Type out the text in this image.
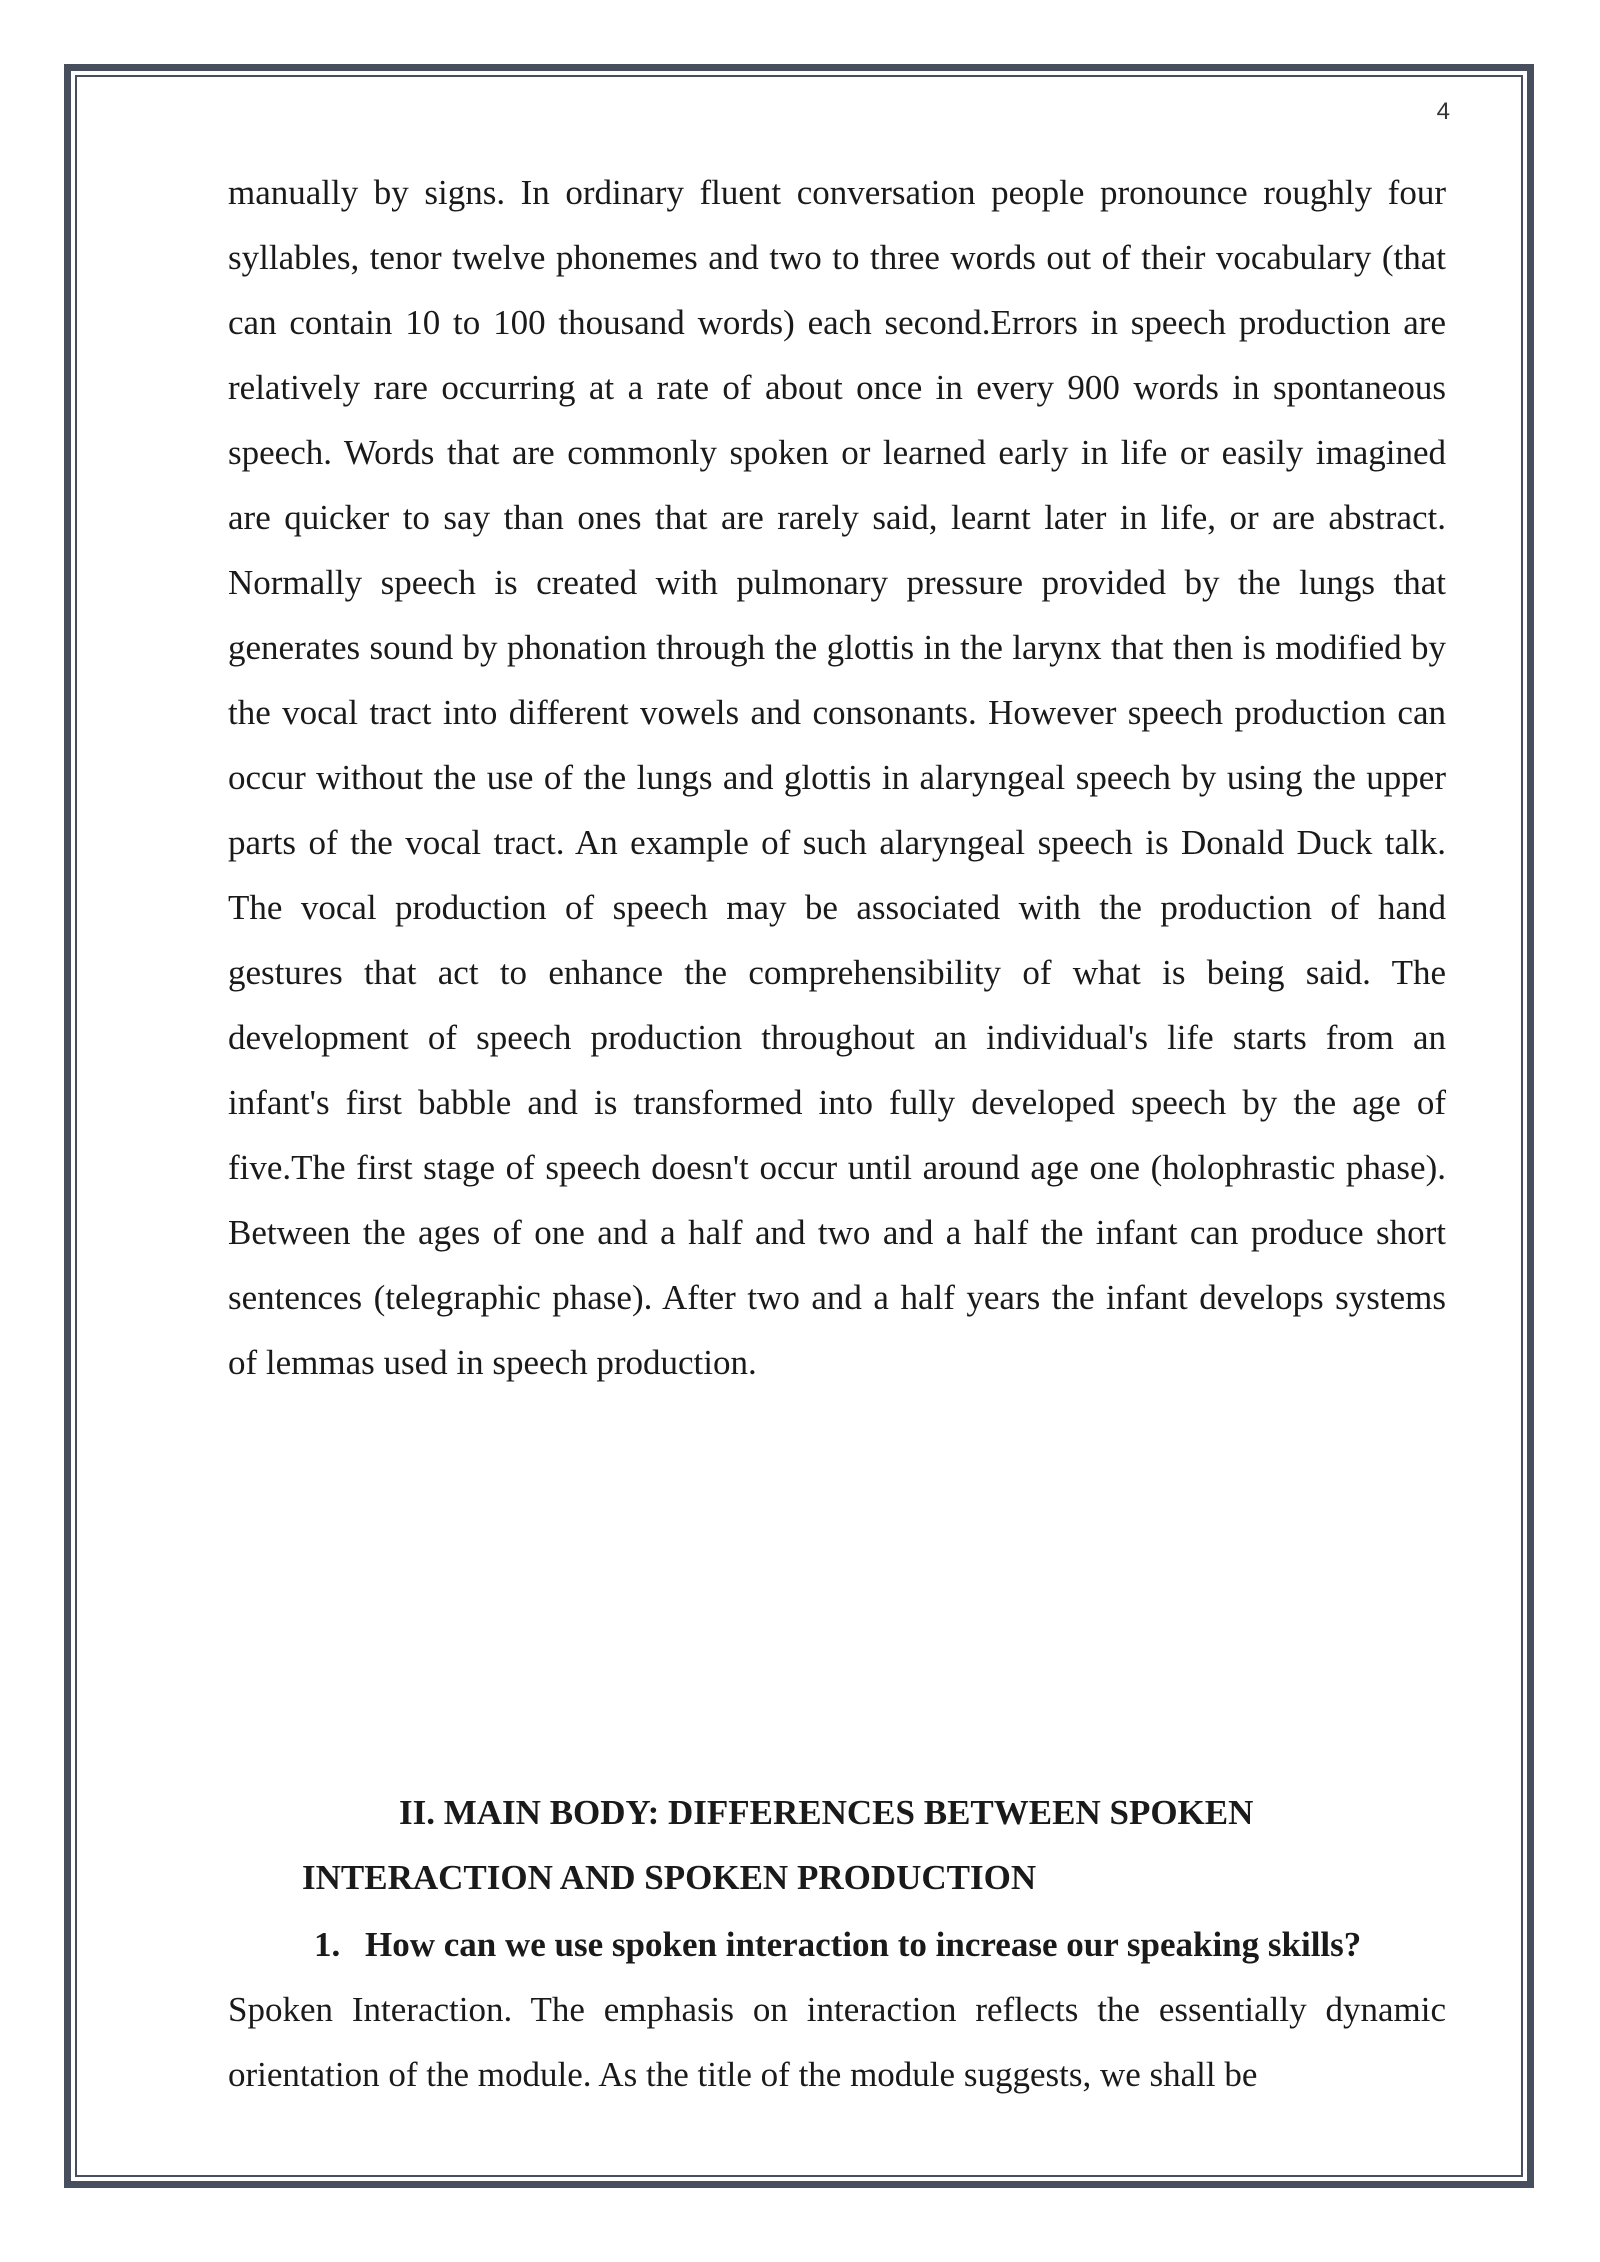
4

manually by signs. In ordinary fluent conversation people pronounce roughly four syllables, tenor twelve phonemes and two to three words out of their vocabulary (that can contain 10 to 100 thousand words) each second.Errors in speech production are relatively rare occurring at a rate of about once in every 900 words in spontaneous speech. Words that are commonly spoken or learned early in life or easily imagined are quicker to say than ones that are rarely said, learnt later in life, or are abstract. Normally speech is created with pulmonary pressure provided by the lungs that generates sound by phonation through the glottis in the larynx that then is modified by the vocal tract into different vowels and consonants. However speech production can occur without the use of the lungs and glottis in alaryngeal speech by using the upper parts of the vocal tract. An example of such alaryngeal speech is Donald Duck talk. The vocal production of speech may be associated with the production of hand gestures that act to enhance the comprehensibility of what is being said. The development of speech production throughout an individual's life starts from an infant's first babble and is transformed into fully developed speech by the age of five.The first stage of speech doesn't occur until around age one (holophrastic phase). Between the ages of one and a half and two and a half the infant can produce short sentences (telegraphic phase). After two and a half years the infant develops systems of lemmas used in speech production.

II. MAIN BODY: DIFFERENCES BETWEEN SPOKEN
INTERACTION AND SPOKEN PRODUCTION
1. How can we use spoken interaction to increase our speaking skills?

Spoken Interaction. The emphasis on interaction reflects the essentially dynamic orientation of the module. As the title of the module suggests, we shall be
